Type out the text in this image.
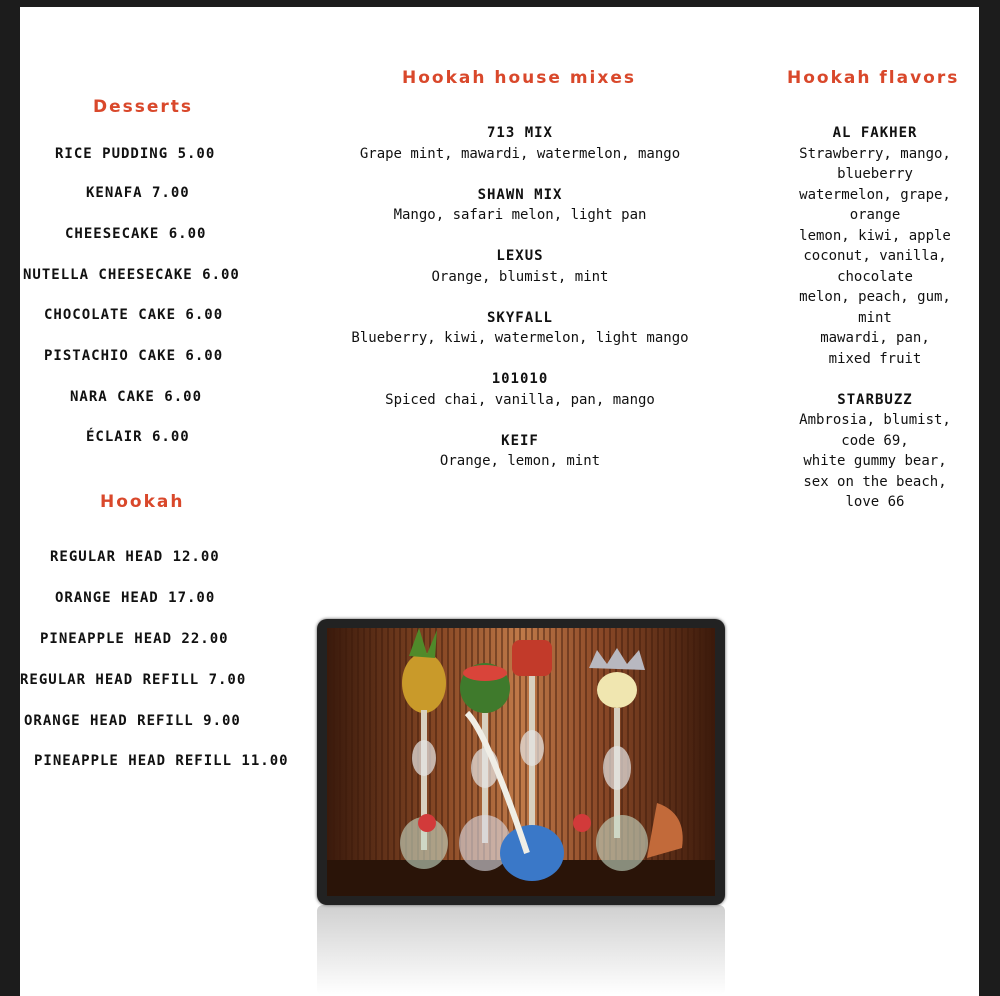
Desserts
RICE PUDDING 5.00
KENAFA 7.00
CHEESECAKE 6.00
NUTELLA CHEESECAKE 6.00
CHOCOLATE CAKE 6.00
PISTACHIO CAKE 6.00
NARA CAKE 6.00
ÉCLAIR 6.00
Hookah
REGULAR HEAD 12.00
ORANGE HEAD 17.00
PINEAPPLE HEAD 22.00
REGULAR HEAD REFILL 7.00
ORANGE HEAD REFILL 9.00
PINEAPPLE HEAD REFILL 11.00
Hookah house mixes
713 MIX
Grape mint, mawardi, watermelon, mango
SHAWN MIX
Mango, safari melon, light pan
LEXUS
Orange, blumist, mint
SKYFALL
Blueberry, kiwi, watermelon, light mango
101010
Spiced chai, vanilla, pan, mango
KEIF
Orange, lemon, mint
Hookah flavors
AL FAKHER
Strawberry, mango,
blueberry
watermelon, grape,
orange
lemon, kiwi, apple
coconut, vanilla,
chocolate
melon, peach, gum,
mint
mawardi, pan,
mixed fruit
STARBUZZ
Ambrosia, blumist,
code 69,
white gummy bear,
sex on the beach,
love 66
